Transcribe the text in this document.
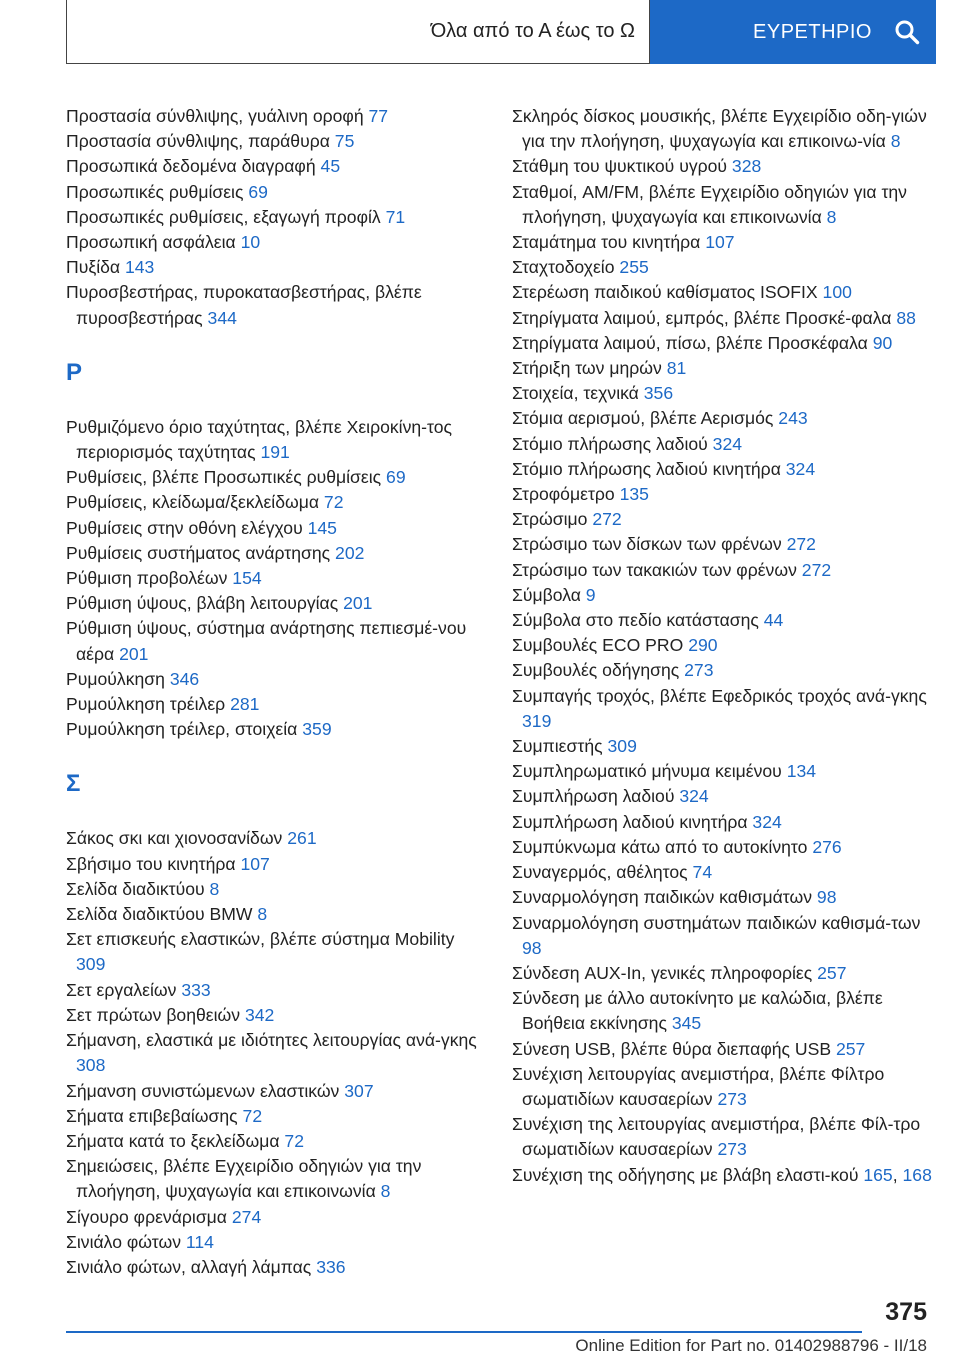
Όλα από το Α έως το Ω	ΕΥΡΕΤΗΡΙΟ
Προστασία σύνθλιψης, γυάλινη οροφή 77
Προστασία σύνθλιψης, παράθυρα 75
Προσωπικά δεδομένα διαγραφή 45
Προσωπικές ρυθμίσεις 69
Προσωπικές ρυθμίσεις, εξαγωγή προφίλ 71
Προσωπική ασφάλεια 10
Πυξίδα 143
Πυροσβεστήρας, πυροκατασβεστήρας, βλέπε πυροσβεστήρας 344
Ρ
Ρυθμιζόμενο όριο ταχύτητας, βλέπε Χειροκίνη-τος περιορισμός ταχύτητας 191
Ρυθμίσεις, βλέπε Προσωπικές ρυθμίσεις 69
Ρυθμίσεις, κλείδωμα/ξεκλείδωμα 72
Ρυθμίσεις στην οθόνη ελέγχου 145
Ρυθμίσεις συστήματος ανάρτησης 202
Ρύθμιση προβολέων 154
Ρύθμιση ύψους, βλάβη λειτουργίας 201
Ρύθμιση ύψους, σύστημα ανάρτησης πεπιεσμέ-νου αέρα 201
Ρυμούλκηση 346
Ρυμούλκηση τρέιλερ 281
Ρυμούλκηση τρέιλερ, στοιχεία 359
Σ
Σάκος σκι και χιονοσανίδων 261
Σβήσιμο του κινητήρα 107
Σελίδα διαδικτύου 8
Σελίδα διαδικτύου BMW 8
Σετ επισκευής ελαστικών, βλέπε σύστημα Mobility 309
Σετ εργαλείων 333
Σετ πρώτων βοηθειών 342
Σήμανση, ελαστικά με ιδιότητες λειτουργίας ανά-γκης 308
Σήμανση συνιστώμενων ελαστικών 307
Σήματα επιβεβαίωσης 72
Σήματα κατά το ξεκλείδωμα 72
Σημειώσεις, βλέπε Εγχειρίδιο οδηγιών για την πλοήγηση, ψυχαγωγία και επικοινωνία 8
Σίγουρο φρενάρισμα 274
Σινιάλο φώτων 114
Σινιάλο φώτων, αλλαγή λάμπας 336
Σκληρός δίσκος μουσικής, βλέπε Εγχειρίδιο οδη-γιών για την πλοήγηση, ψυχαγωγία και επικοινω-νία 8
Στάθμη του ψυκτικού υγρού 328
Σταθμοί, AM/FM, βλέπε Εγχειρίδιο οδηγιών για την πλοήγηση, ψυχαγωγία και επικοινωνία 8
Σταμάτημα του κινητήρα 107
Σταχτοδοχείο 255
Στερέωση παιδικού καθίσματος ISOFIX 100
Στηρίγματα λαιμού, εμπρός, βλέπε Προσκέ-φαλα 88
Στηρίγματα λαιμού, πίσω, βλέπε Προσκέφαλα 90
Στήριξη των μηρών 81
Στοιχεία, τεχνικά 356
Στόμια αερισμού, βλέπε Αερισμός 243
Στόμιο πλήρωσης λαδιού 324
Στόμιο πλήρωσης λαδιού κινητήρα 324
Στροφόμετρο 135
Στρώσιμο 272
Στρώσιμο των δίσκων των φρένων 272
Στρώσιμο των τακακιών των φρένων 272
Σύμβολα 9
Σύμβολα στο πεδίο κατάστασης 44
Συμβουλές ECO PRO 290
Συμβουλές οδήγησης 273
Συμπαγής τροχός, βλέπε Εφεδρικός τροχός ανά-γκης 319
Συμπιεστής 309
Συμπληρωματικό μήνυμα κειμένου 134
Συμπλήρωση λαδιού 324
Συμπλήρωση λαδιού κινητήρα 324
Συμπύκνωμα κάτω από το αυτοκίνητο 276
Συναγερμός, αθέλητος 74
Συναρμολόγηση παιδικών καθισμάτων 98
Συναρμολόγηση συστημάτων παιδικών καθισμά-των 98
Σύνδεση AUX-In, γενικές πληροφορίες 257
Σύνδεση με άλλο αυτοκίνητο με καλώδια, βλέπε Βοήθεια εκκίνησης 345
Σύνεση USB, βλέπε θύρα διεπαφής USB 257
Συνέχιση λειτουργίας ανεμιστήρα, βλέπε Φίλτρο σωματιδίων καυσαερίων 273
Συνέχιση της λειτουργίας ανεμιστήρα, βλέπε Φίλ-τρο σωματιδίων καυσαερίων 273
Συνέχιση της οδήγησης με βλάβη ελαστι-κού 165, 168
375
Online Edition for Part no. 01402988796 - II/18
